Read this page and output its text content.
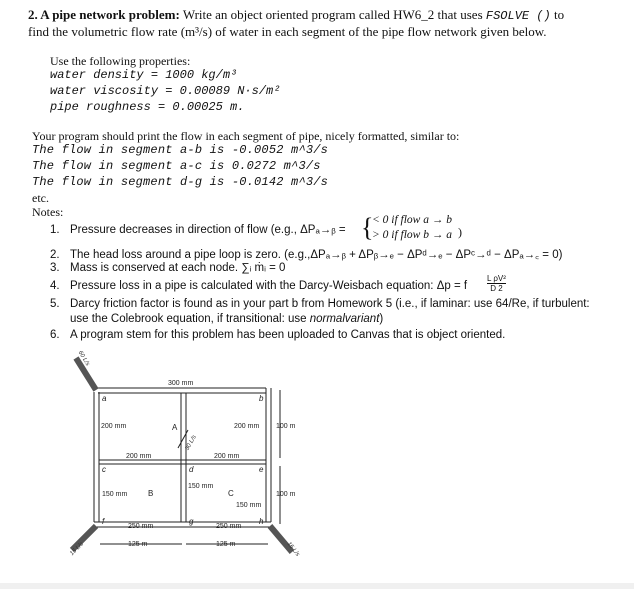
2. A pipe network problem: Write an object oriented program called HW6_2 that uses FSOLVE () to
find the volumetric flow rate (m³/s) of water in each segment of the pipe flow network given below.
Use the following properties:
water density = 1000 kg/m³
water viscosity = 0.00089 N·s/m²
pipe roughness = 0.00025 m.
Your program should print the flow in each segment of pipe, nicely formatted, similar to:
The flow in segment a-b is -0.0052 m^3/s
The flow in segment a-c is 0.0272 m^3/s
The flow in segment d-g is -0.0142 m^3/s
etc.
Notes:
1. Pressure decreases in direction of flow (e.g., ΔPₐ→ᵦ = {
< 0 if flow a → b
> 0 if flow b → a )
2. The head loss around a pipe loop is zero. (e.g.,ΔPₐ→ᵦ + ΔPᵦ→ₑ − ΔPᵈ→ₑ − ΔPᶜ→ᵈ − ΔPₐ→꜀ = 0)
3. Mass is conserved at each node. ∑ᵢ ṁᵢ = 0
4. Pressure loss in a pipe is calculated with the Darcy-Weisbach equation: Δp = f
L ρV²
D 2
5. Darcy friction factor is found as in your part b from Homework 5 (i.e., if laminar: use 64/Re, if turbulent:
use the Colebrook equation, if transitional: use normalvariant)
6. A program stem for this problem has been uploaded to Canvas that is object oriented.
300 mm
200 mm	200 mm 100 m
200 mm	200 mm
150 mm
150 mm
150 mm
100 m
250 mm	250 mm
125 m	125 m
a	b
c	d	e
f	g	h
A
B	C
60 L/s
30 L/s
15 L/s	15 L/s
